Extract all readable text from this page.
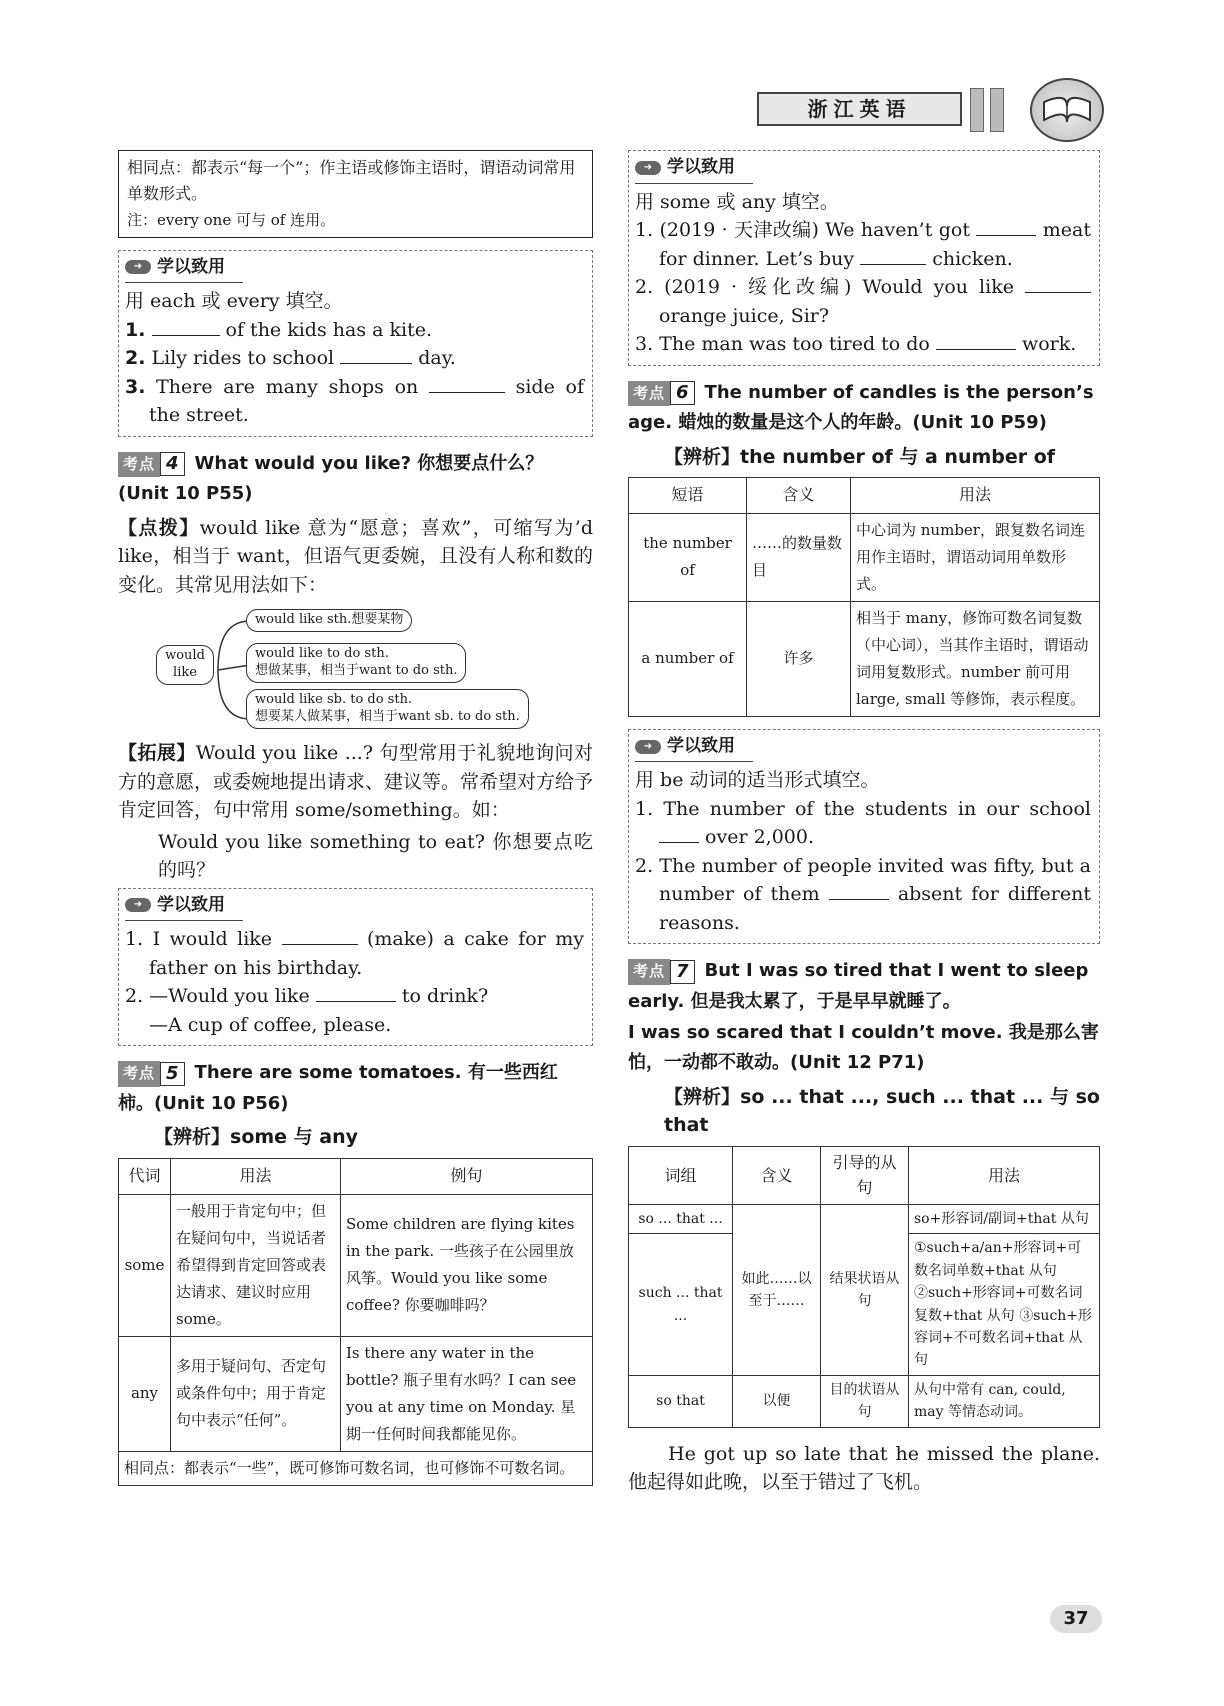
浙江英语
相同点：都表示“每一个”；作主语或修饰主语时，谓语动词常用单数形式。
注：every one 可与 of 连用。
➜ 学以致用
用 each 或 every 填空。
1.	of the kids has a kite.
2. Lily rides to school	day.
3. There are many shops on	side of the street.
考点 4 What would you like? 你想要点什么？(Unit 10 P55)

【点拨】would like 意为“愿意；喜欢”，可缩写为’d like，相当于 want，但语气更委婉，且没有人称和数的变化。其常见用法如下：

would like
would like sth.想要某物
would like to do sth.
想做某事，相当于want to do sth.
would like sb. to do sth.
想要某人做某事，相当于want sb. to do sth.

【拓展】Would you like ...? 句型常用于礼貌地询问对方的意愿，或委婉地提出请求、建议等。常希望对方给予肯定回答，句中常用 some/something。如：

Would you like something to eat? 你想要点吃的吗？

➜ 学以致用
1. I would like	(make) a cake for my father on his birthday.
2. —Would you like	to drink?
—A cup of coffee, please.
考点 5 There are some tomatoes. 有一些西红柿。(Unit 10 P56)

【辨析】some 与 any

代词	用法	例句
some	一般用于肯定句中；但在疑问句中，当说话者希望得到肯定回答或表达请求、建议时应用 some。	Some children are flying kites in the park. 一些孩子在公园里放风筝。Would you like some coffee? 你要咖啡吗？
any	多用于疑问句、否定句或条件句中；用于肯定句中表示“任何”。	Is there any water in the bottle? 瓶子里有水吗？I can see you at any time on Monday. 星期一任何时间我都能见你。
相同点：都表示“一些”，既可修饰可数名词，也可修饰不可数名词。		
➜ 学以致用
用 some 或 any 填空。
1. (2019 · 天津改编) We haven’t got	meat for dinner. Let’s buy	chicken.
2. (2019 · 绥化改编) Would you like  orange juice, Sir?
3. The man was too tired to do	work.
考点 6 The number of candles is the person’s age. 蜡烛的数量是这个人的年龄。(Unit 10 P59)

【辨析】the number of 与 a number of

短语	含义	用法
the number of	……的数量数目	中心词为 number，跟复数名词连用作主语时，谓语动词用单数形式。
a number of	许多	相当于 many，修饰可数名词复数（中心词），当其作主语时，谓语动词用复数形式。number 前可用 large, small 等修饰，表示程度。
➜ 学以致用
用 be 动词的适当形式填空。
1. The number of the students in our school  over 2,000.
2. The number of people invited was fifty, but a number of them	absent for different reasons.
考点 7 But I was so tired that I went to sleep early. 但是我太累了，于是早早就睡了。
I was so scared that I couldn’t move. 我是那么害怕，一动都不敢动。(Unit 12 P71)

【辨析】so ... that ..., such ... that ... 与 so that

词组	含义	引导的从句	用法
so ... that ...	如此……以至于……	结果状语从句	so+形容词/副词+that 从句
such ... that ...			①such+a/an+形容词+可数名词单数+that 从句 ②such+形容词+可数名词复数+that 从句 ③such+形容词+不可数名词+that 从句
so that	以便	目的状语从句	从句中常有 can, could, may 等情态动词。

He got up so late that he missed the plane. 他起得如此晚，以至于错过了飞机。

37
